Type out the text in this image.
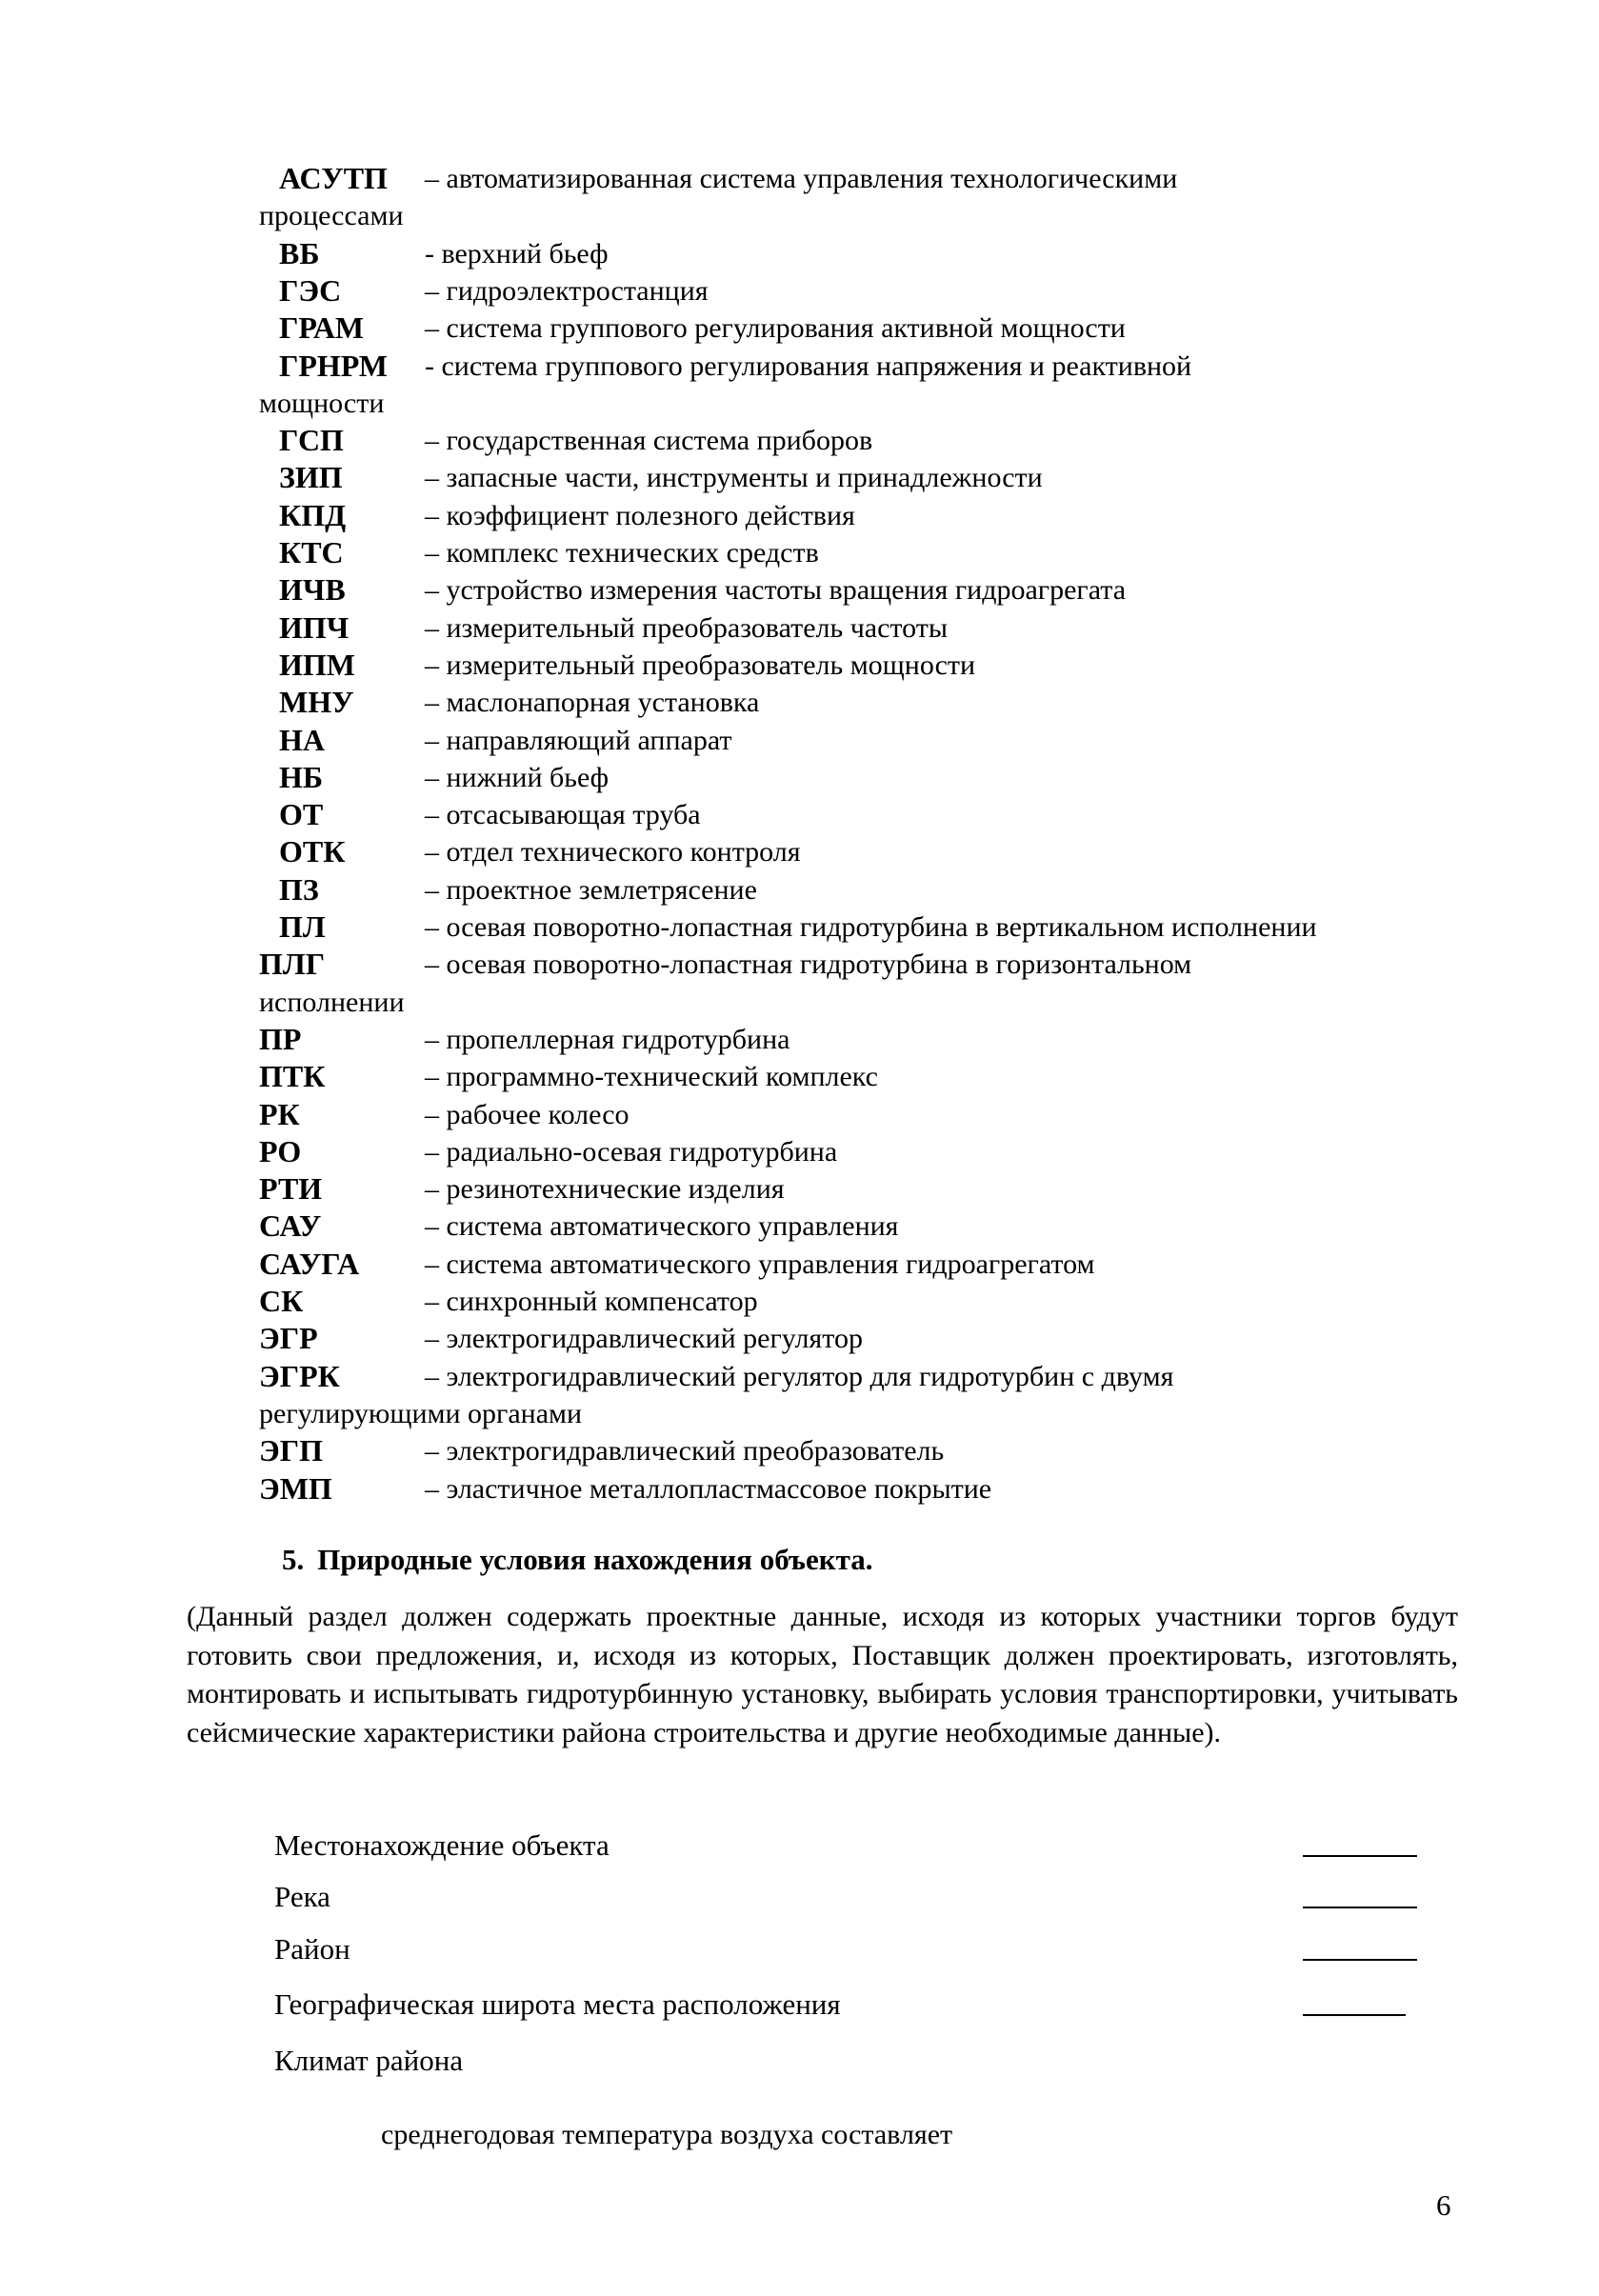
АСУТП – автоматизированная система управления технологическими
процессами
ВБ	- верхний бьеф
ГЭС	– гидроэлектростанция
ГРАМ – система группового регулирования активной мощности
ГРНРМ - система группового регулирования напряжения и реактивной
мощности
ГСП	– государственная система приборов
ЗИП	– запасные части, инструменты и принадлежности
КПД	– коэффициент полезного действия
КТС	– комплекс технических средств
ИЧВ	– устройство измерения частоты вращения гидроагрегата
ИПЧ	– измерительный преобразователь частоты
ИПМ – измерительный преобразователь мощности
МНУ – маслонапорная установка
НА	– направляющий аппарат
НБ	– нижний бьеф
ОТ	– отсасывающая труба
ОТК	– отдел технического контроля
ПЗ	– проектное землетрясение
ПЛ	– осевая поворотно-лопастная гидротурбина в вертикальном исполнении
ПЛГ	– осевая поворотно-лопастная гидротурбина в горизонтальном
исполнении
ПР	– пропеллерная гидротурбина
ПТК	– программно-технический комплекс
РК	– рабочее колесо
РО	– радиально-осевая гидротурбина
РТИ	– резинотехнические изделия
САУ	– система автоматического управления
САУГА – система автоматического управления гидроагрегатом
СК	– синхронный компенсатор
ЭГР	– электрогидравлический регулятор
ЭГРК	– электрогидравлический регулятор для гидротурбин с двумя
регулирующими органами
ЭГП	– электрогидравлический преобразователь
ЭМП	– эластичное металлопластмассовое покрытие
5. Природные условия нахождения объекта.
(Данный раздел должен содержать проектные данные, исходя из которых участники торгов будут готовить свои предложения, и, исходя из которых, Поставщик должен проектировать, изготовлять, монтировать и испытывать гидротурбинную установку, выбирать условия транспортировки, учитывать сейсмические характеристики района строительства и другие необходимые данные).
Местонахождение объекта
Река
Район
Географическая широта места расположения
Климат района
среднегодовая температура воздуха составляет
6
